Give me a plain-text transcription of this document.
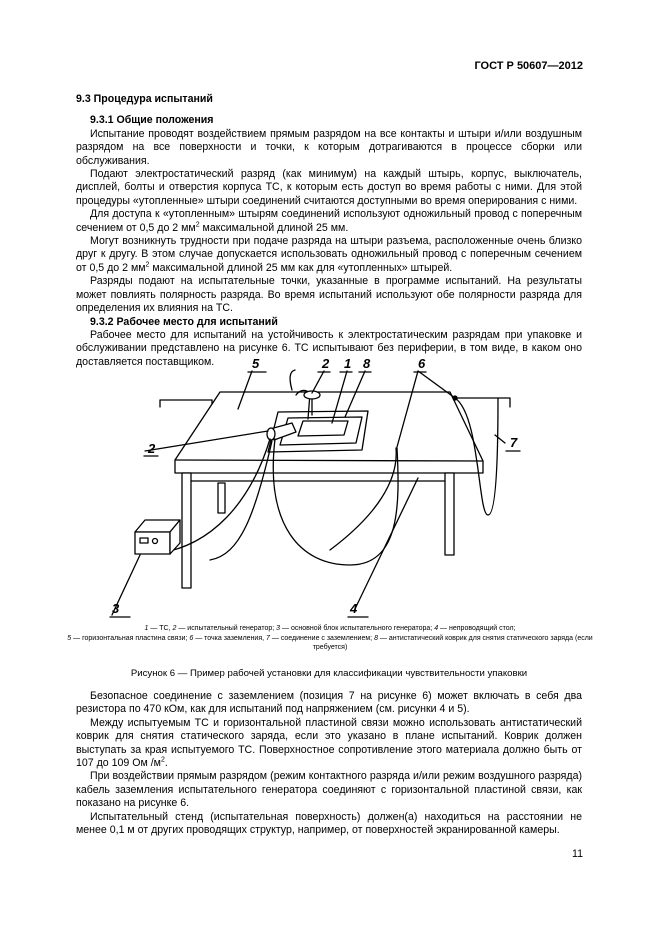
ГОСТ Р 50607—2012
9.3 Процедура испытаний
9.3.1 Общие положения

Испытание проводят воздействием прямым разрядом на все контакты и штыри и/или воздушным разрядом на все поверхности и точки, к которым дотрагиваются в процессе сборки или обслуживания.

Подают электростатический разряд (как минимум) на каждый штырь, корпус, выключатель, дисплей, болты и отверстия корпуса ТС, к которым есть доступ во время работы с ними. Для этой процедуры «утопленные» штыри соединений считаются доступными во время оперирования с ними.

Для доступа к «утопленным» штырям соединений используют одножильный провод с поперечным сечением от 0,5 до 2 $мм^2$ максимальной длиной 25 мм.

Могут возникнуть трудности при подаче разряда на штыри разъема, расположенные очень близко друг к другу. В этом случае допускается использовать одножильный провод с поперечным сечением от 0,5 до 2 $мм^2$ максимальной длиной 25 мм как для «утопленных» штырей.

Разряды подают на испытательные точки, указанные в программе испытаний. На результаты может повлиять полярность разряда. Во время испытаний используют обе полярности разряда для определения их влияния на ТС.

9.3.2 Рабочее место для испытаний

Рабочее место для испытаний на устойчивость к электростатическим разрядам при упаковке и обслуживании представлено на рисунке 6. ТС испытывают без периферии, в том виде, в каком оно доставляется поставщиком.	5	2 1 8	6
7
2
3	4
1 — ТС, 2 — испытательный генератор; 3 — основной блок испытательного генератора; 4 — непроводящий стол;
5 — горизонтальная пластина связи; 6 — точка заземления, 7 — соединение с заземлением; 8 — антистатический коврик для снятия статического заряда (если требуется)
Рисунок 6 — Пример рабочей установки для классификации чувствительности упаковки

Безопасное соединение с заземлением (позиция 7 на рисунке 6) может включать в себя два резистора по 470 кОм, как для испытаний под напряжением (см. рисунки 4 и 5).

Между испытуемым ТС и горизонтальной пластиной связи можно использовать антистатический коврик для снятия статического заряда, если это указано в плане испытаний. Коврик должен выступать за края испытуемого ТС. Поверхностное сопротивление этого материала должно быть от 107 до 109 Ом $/м^2$.

При воздействии прямым разрядом (режим контактного разряда и/или режим воздушного разряда) кабель заземления испытательного генератора соединяют с горизонтальной пластиной связи, как показано на рисунке 6.

Испытательный стенд (испытательная поверхность) должен(а) находиться на расстоянии не менее 0,1 м от других проводящих структур, например, от поверхностей экранированной камеры.

11
